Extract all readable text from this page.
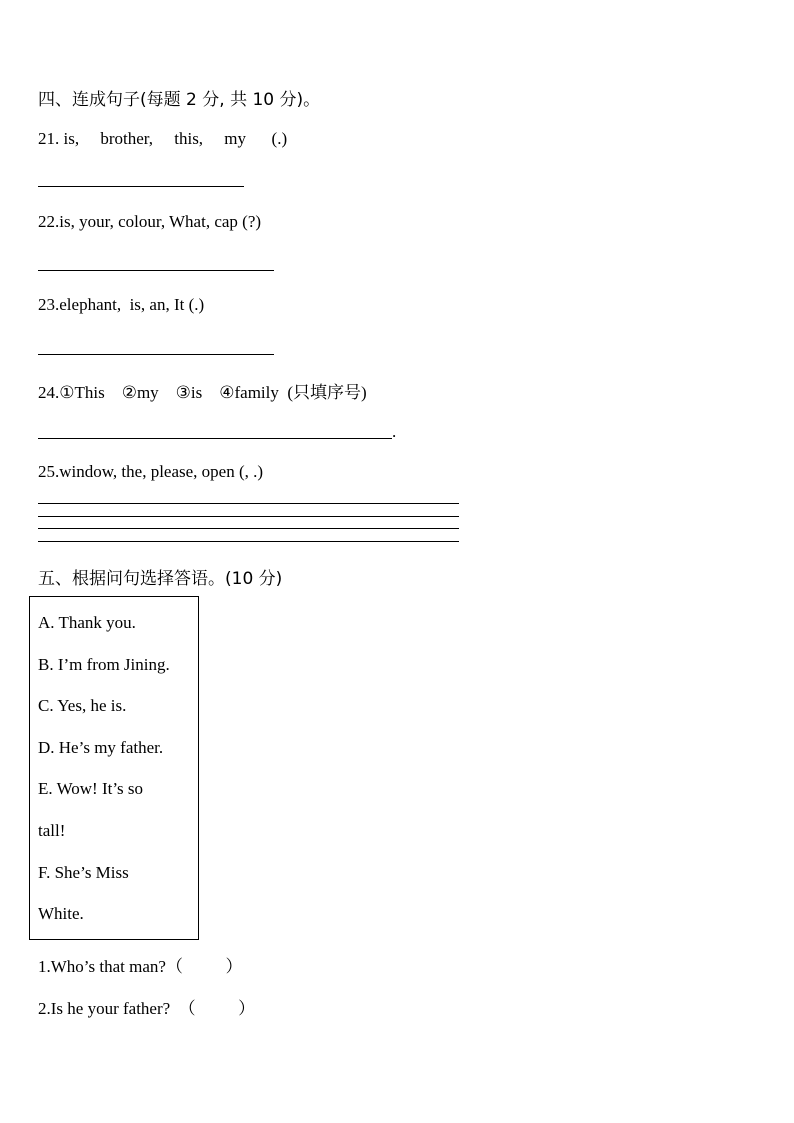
四、连成句子(每题 2 分, 共 10 分)。
21. is,     brother,     this,     my      (.)
22.is, your, colour, What, cap (?)
23.elephant,  is, an, It (.)
24.①This    ②my    ③is    ④family  (只填序号)
.
25.window, the, please, open (, .)
五、根据问句选择答语。(10 分)
A. Thank you.
B. I’m from Jining.
C. Yes, he is.
D. He’s my father.
E. Wow! It’s so
tall!
F. She’s Miss
White.
1.Who’s that man?（          ）
2.Is he your father?  （          ）
